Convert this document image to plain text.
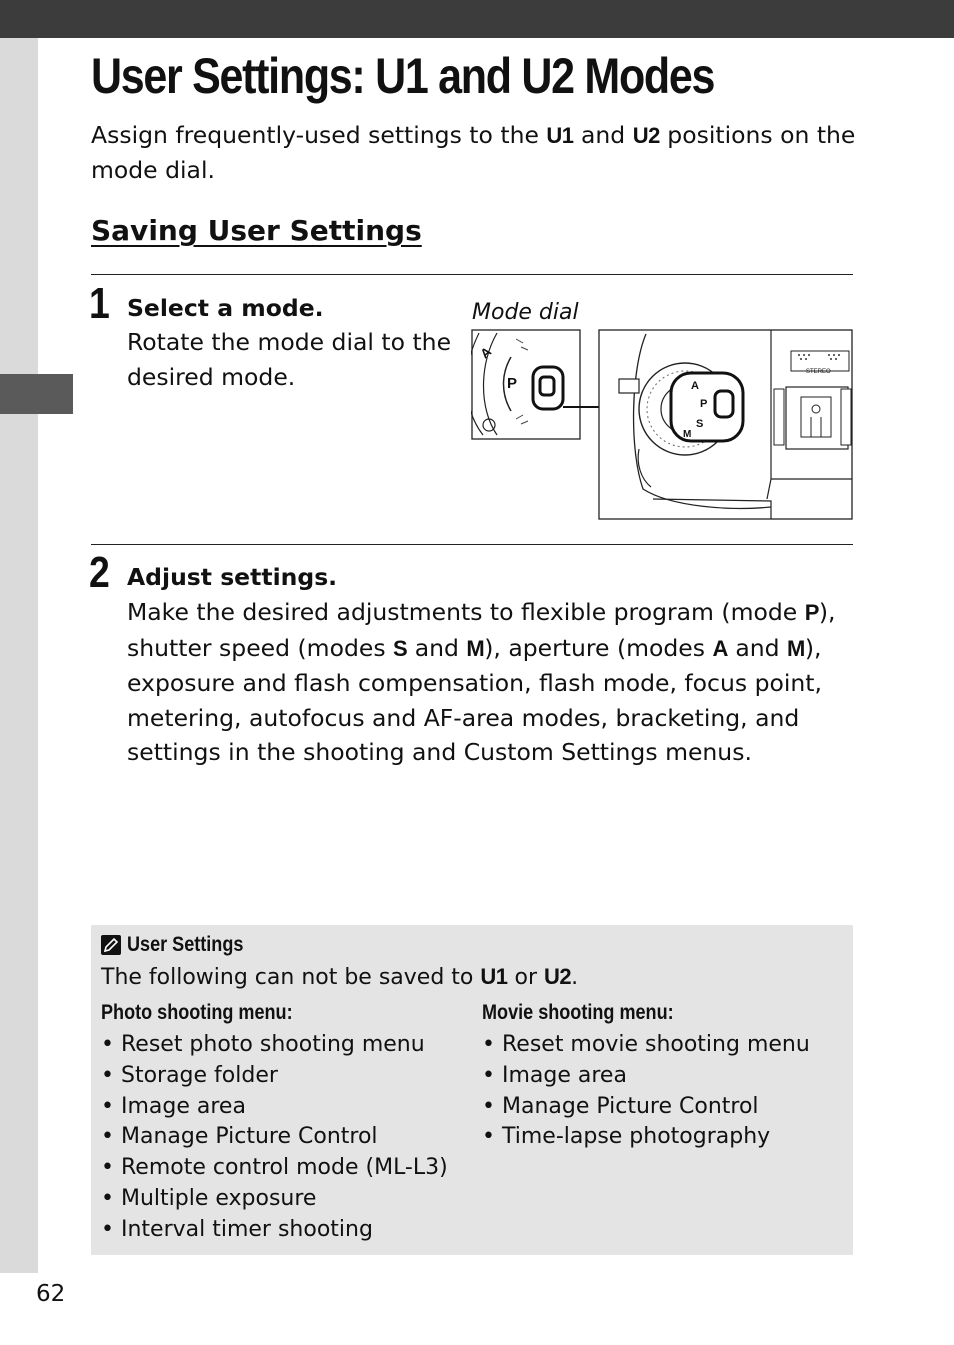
User Settings: U1 and U2 Modes

Assign frequently-used settings to the U1 and U2 positions on the mode dial.

Saving User Settings
1 Select a mode.

Rotate the mode dial to the desired mode.

Mode dial
A
P	A
P
S
M
STEREO
2 Adjust settings.

Make the desired adjustments to flexible program (mode P), shutter speed (modes S and M), aperture (modes A and M), exposure and flash compensation, flash mode, focus point, metering, autofocus and AF-area modes, bracketing, and settings in the shooting and Custom Settings menus.

User Settings

The following can not be saved to U1 or U2.

Photo shooting menu:

• Reset photo shooting menu
• Storage folder
• Image area
• Manage Picture Control
• Remote control mode (ML-L3)
• Multiple exposure
• Interval timer shooting

Movie shooting menu:

• Reset movie shooting menu
• Image area
• Manage Picture Control
• Time-lapse photography

62
